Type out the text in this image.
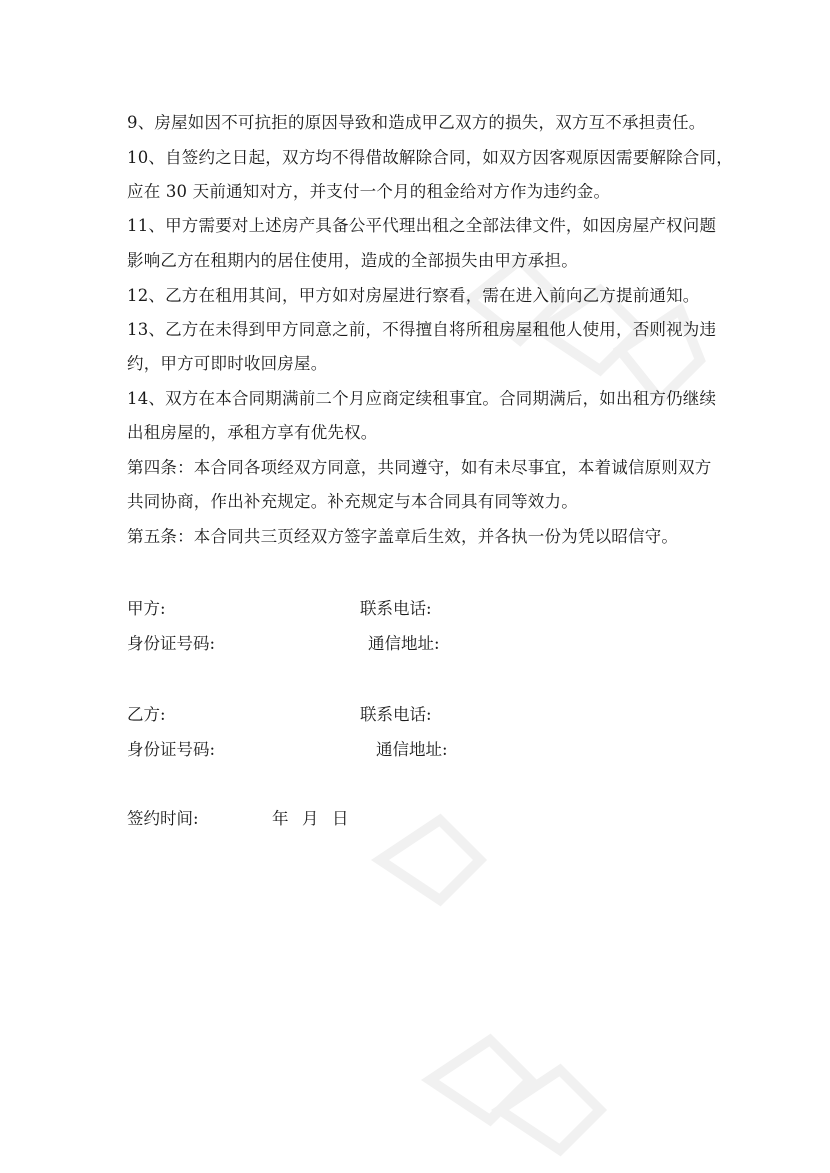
9、房屋如因不可抗拒的原因导致和造成甲乙双方的损失，双方互不承担责任。
10、自签约之日起，双方均不得借故解除合同，如双方因客观原因需要解除合同，
应在 30 天前通知对方，并支付一个月的租金给对方作为违约金。
11、甲方需要对上述房产具备公平代理出租之全部法律文件，如因房屋产权问题
影响乙方在租期内的居住使用，造成的全部损失由甲方承担。
12、乙方在租用其间，甲方如对房屋进行察看，需在进入前向乙方提前通知。
13、乙方在未得到甲方同意之前，不得擅自将所租房屋租他人使用，否则视为违
约，甲方可即时收回房屋。
14、双方在本合同期满前二个月应商定续租事宜。合同期满后，如出租方仍继续
出租房屋的，承租方享有优先权。
第四条：本合同各项经双方同意，共同遵守，如有未尽事宜，本着诚信原则双方
共同协商，作出补充规定。补充规定与本合同具有同等效力。
第五条：本合同共三页经双方签字盖章后生效，并各执一份为凭以昭信守。
甲方:	联系电话:
身份证号码:	通信地址:
乙方:	联系电话:
身份证号码:	通信地址:
签约时间:	年 月 日
